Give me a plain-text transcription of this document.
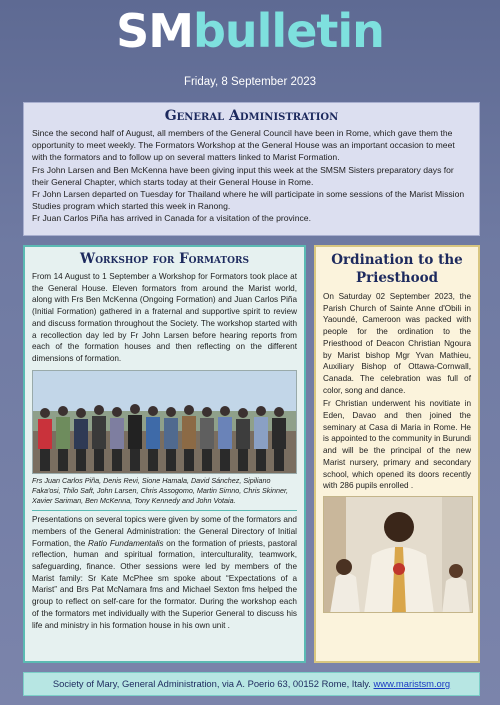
SMbulletin
Friday, 8 September 2023
General Administration

Since the second half of August, all members of the General Council have been in Rome, which gave them the opportunity to meet weekly. The Formators Workshop at the General House was an important occasion to meet with the formators and to follow up on several matters linked to Marist Formation.

Frs John Larsen and Ben McKenna have been giving input this week at the SMSM Sisters preparatory days for their General Chapter, which starts today at their General House in Rome.

Fr John Larsen departed on Tuesday for Thailand where he will participate in some sessions of the Marist Mission Studies program which started this week in Ranong.

Fr Juan Carlos Piña has arrived in Canada for a visitation of the province.

Workshop for Formators

From 14 August to 1 September a Workshop for Formators took place at the General House. Eleven formators from around the Marist world, along with Frs Ben McKenna (Ongoing Formation) and Juan Carlos Piña (Initial Formation) gathered in a fraternal and supportive spirit to review and discuss formation throughout the Society. The workshop started with a recollection day led by Fr John Larsen before hearing reports from each of the formation houses and then reflecting on the different dimensions of formation.

Frs Juan Carlos Piña, Denis Revi, Sione Hamala, David Sánchez, Sipiliano Faka'osi, Thilo Saft, John Larsen, Chris Assogomo, Martin Simno, Chris Skinner, Xavier Sariman, Ben McKenna, Tony Kennedy and John Votaia.

Presentations on several topics were given by some of the formators and members of the General Administration: the General Directory of Initial Formation, the Ratio Fundamentalis on the formation of priests, pastoral reflection, human and spiritual formation, interculturality, teamwork, safeguarding, finance. Other sessions were led by members of the Marist family: Sr Kate McPhee sm spoke about “Expectations of a Marist” and Brs Pat McNamara fms and Michael Sexton fms helped the group to reflect on self-care for the formator. During the workshop each of the formators met individually with the Superior General to discuss his life and ministry in his formation house in his own unit .

Ordination to the Priesthood

On Saturday 02 September 2023, the Parish Church of Sainte Anne d'Obili in Yaoundé, Cameroon was packed with people for the ordination to the Priesthood of Deacon Christian Ngoura by Marist bishop Mgr Yvan Mathieu, Auxiliary Bishop of Ottawa-Cornwall, Canada. The celebration was full of color, song and dance.

Fr Christian underwent his novitiate in Eden, Davao and then joined the seminary at Casa di Maria in Rome. He is appointed to the community in Burundi and will be the principal of the new Marist nursery, primary and secondary school, which opened its doors recently with 286 pupils enrolled .

Society of Mary, General Administration, via A. Poerio 63, 00152 Rome, Italy. www.maristsm.org
